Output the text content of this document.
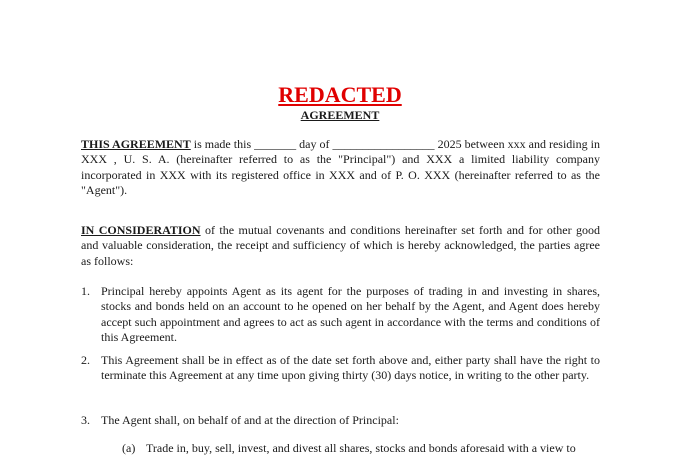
REDACTED
AGREEMENT

THIS AGREEMENT is made this _______ day of _________________ 2025 between xxx and residing in XXX , U. S. A. (hereinafter referred to as the "Principal") and XXX a limited liability company incorporated in XXX with its registered office in XXX and of P. O. XXX (hereinafter referred to as the "Agent").

IN CONSIDERATION of the mutual covenants and conditions hereinafter set forth and for other good and valuable consideration, the receipt and sufficiency of which is hereby acknowledged, the parties agree as follows:

1. Principal hereby appoints Agent as its agent for the purposes of trading in and investing in shares, stocks and bonds held on an account to he opened on her behalf by the Agent, and Agent does hereby accept such appointment and agrees to act as such agent in accordance with the terms and conditions of this Agreement.

2. This Agreement shall be in effect as of the date set forth above and, either party shall have the right to terminate this Agreement at any time upon giving thirty (30) days notice, in writing to the other party.

3. The Agent shall, on behalf of and at the direction of Principal:

(a) Trade in, buy, sell, invest, and divest all shares, stocks and bonds aforesaid with a view to
